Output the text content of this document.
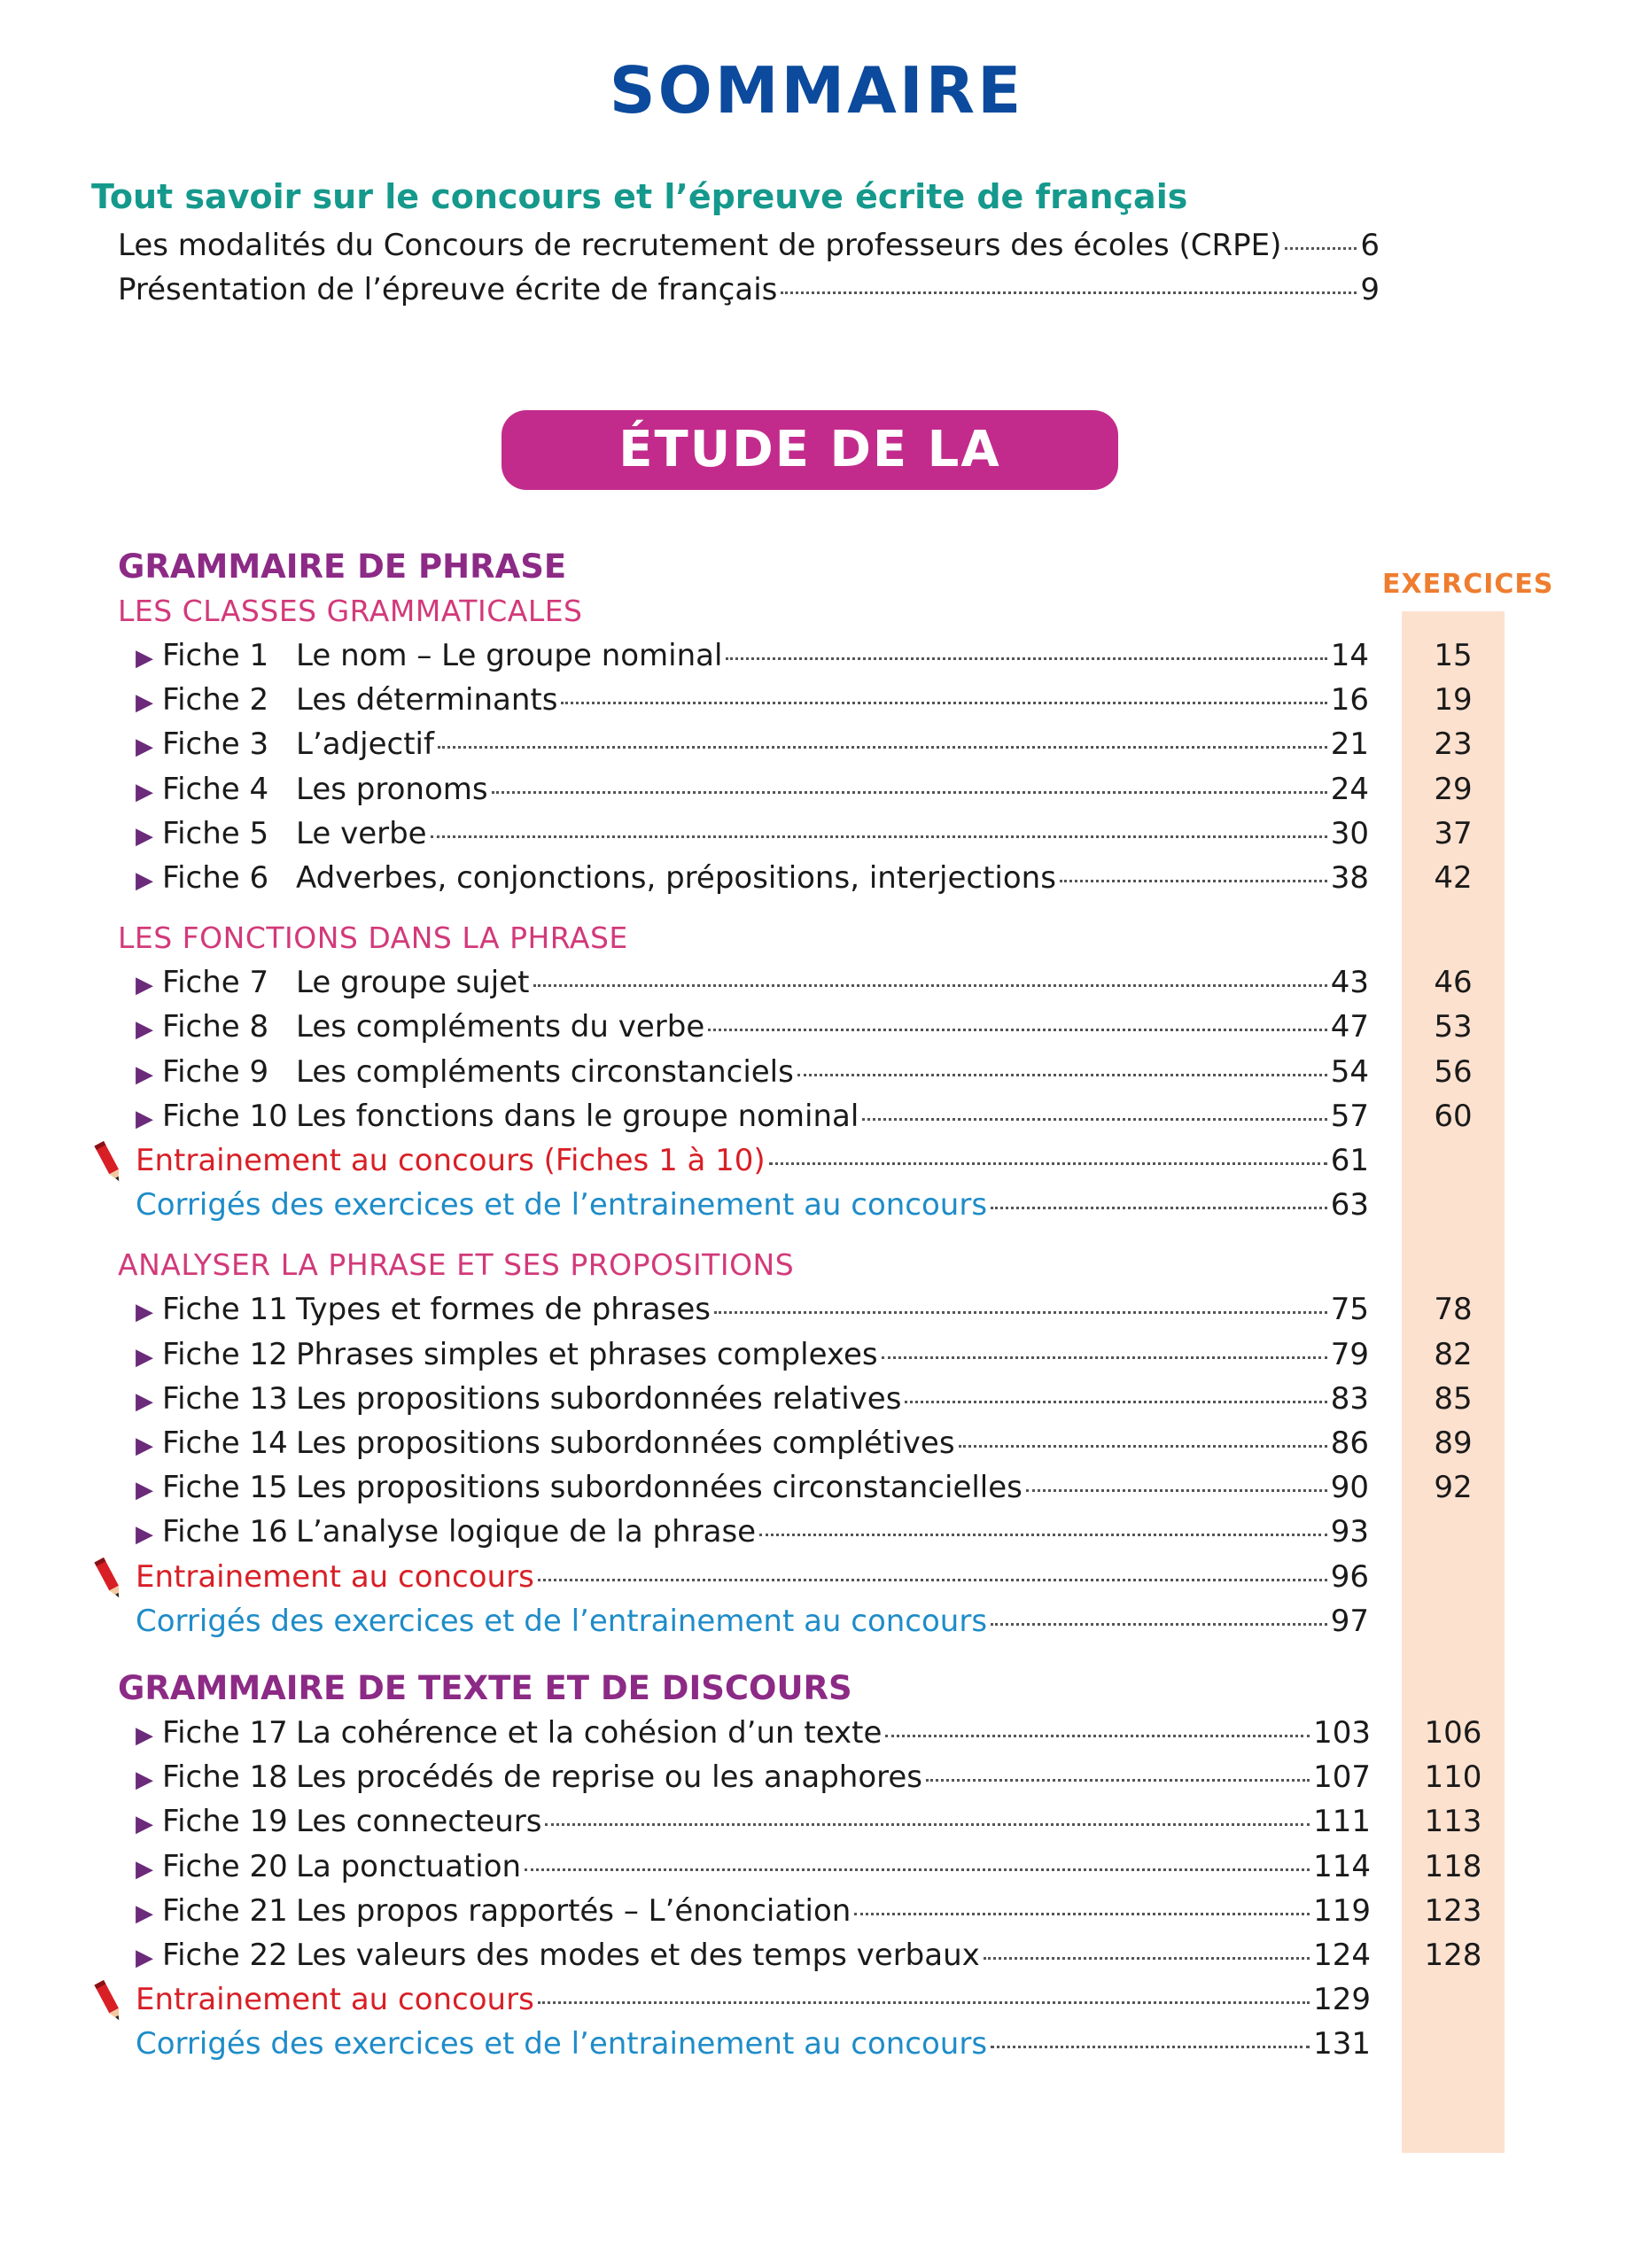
SOMMAIRE
Tout savoir sur le concours et l’épreuve écrite de français
Les modalités du Concours de recrutement de professeurs des écoles (CRPE)	6
Présentation de l’épreuve écrite de français	9
ÉTUDE DE LA LANGUE
EXERCICES
GRAMMAIRE DE PHRASE
LES CLASSES GRAMMATICALES
▶ Fiche 1 Le nom – Le groupe nominal	14	15
▶ Fiche 2 Les déterminants	16	19
▶ Fiche 3 L’adjectif	21	23
▶ Fiche 4 Les pronoms	24	29
▶ Fiche 5 Le verbe	30	37
▶ Fiche 6 Adverbes, conjonctions, prépositions, interjections	38	42
LES FONCTIONS DANS LA PHRASE
▶ Fiche 7 Le groupe sujet	43	46
▶ Fiche 8 Les compléments du verbe	47	53
▶ Fiche 9 Les compléments circonstanciels	54	56
▶ Fiche 10 Les fonctions dans le groupe nominal	57	60
Entrainement au concours (Fiches 1 à 10)	61
Corrigés des exercices et de l’entrainement au concours	63
ANALYSER LA PHRASE ET SES PROPOSITIONS
▶ Fiche 11 Types et formes de phrases	75	78
▶ Fiche 12 Phrases simples et phrases complexes	79	82
▶ Fiche 13 Les propositions subordonnées relatives	83	85
▶ Fiche 14 Les propositions subordonnées complétives	86	89
▶ Fiche 15 Les propositions subordonnées circonstancielles	90	92
▶ Fiche 16 L’analyse logique de la phrase	93
Entrainement au concours	96
Corrigés des exercices et de l’entrainement au concours	97
GRAMMAIRE DE TEXTE ET DE DISCOURS
▶ Fiche 17 La cohérence et la cohésion d’un texte	103	106
▶ Fiche 18 Les procédés de reprise ou les anaphores	107	110
▶ Fiche 19 Les connecteurs	111	113
▶ Fiche 20 La ponctuation	114	118
▶ Fiche 21 Les propos rapportés – L’énonciation	119	123
▶ Fiche 22 Les valeurs des modes et des temps verbaux	124	128
Entrainement au concours	129
Corrigés des exercices et de l’entrainement au concours	131
